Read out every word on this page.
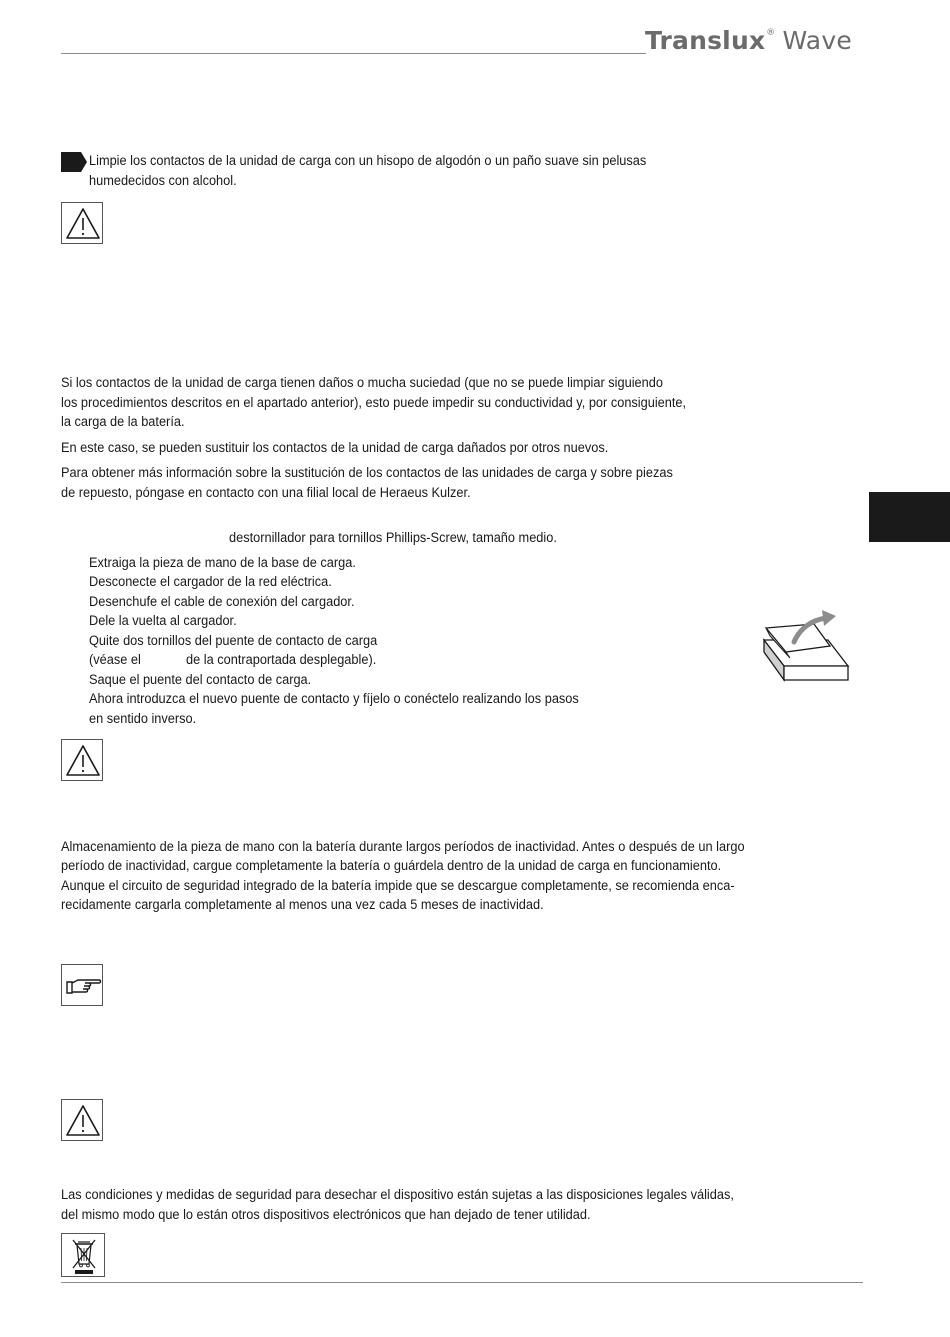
Translux® Wave
Limpie los contactos de la unidad de carga con un hisopo de algodón o un paño suave sin pelusas
humedecidos con alcohol.
Si los contactos de la unidad de carga tienen daños o mucha suciedad (que no se puede limpiar siguiendo
los procedimientos descritos en el apartado anterior), esto puede impedir su conductividad y, por consiguiente,
la carga de la batería.
En este caso, se pueden sustituir los contactos de la unidad de carga dañados por otros nuevos.
Para obtener más información sobre la sustitución de los contactos de las unidades de carga y sobre piezas
de repuesto, póngase en contacto con una filial local de Heraeus Kulzer.
destornillador para tornillos Phillips-Screw, tamaño medio.
Extraiga la pieza de mano de la base de carga.
Desconecte el cargador de la red eléctrica.
Desenchufe el cable de conexión del cargador.
Dele la vuelta al cargador.
Quite dos tornillos del puente de contacto de carga
(véase el	de la contraportada desplegable).
Saque el puente del contacto de carga.
Ahora introduzca el nuevo puente de contacto y fíjelo o conéctelo realizando los pasos
en sentido inverso.
Almacenamiento de la pieza de mano con la batería durante largos períodos de inactividad. Antes o después de un largo
período de inactividad, cargue completamente la batería o guárdela dentro de la unidad de carga en funcionamiento.
Aunque el circuito de seguridad integrado de la batería impide que se descargue completamente, se recomienda enca-
recidamente cargarla completamente al menos una vez cada 5 meses de inactividad.
Las condiciones y medidas de seguridad para desechar el dispositivo están sujetas a las disposiciones legales válidas,
del mismo modo que lo están otros dispositivos electrónicos que han dejado de tener utilidad.
